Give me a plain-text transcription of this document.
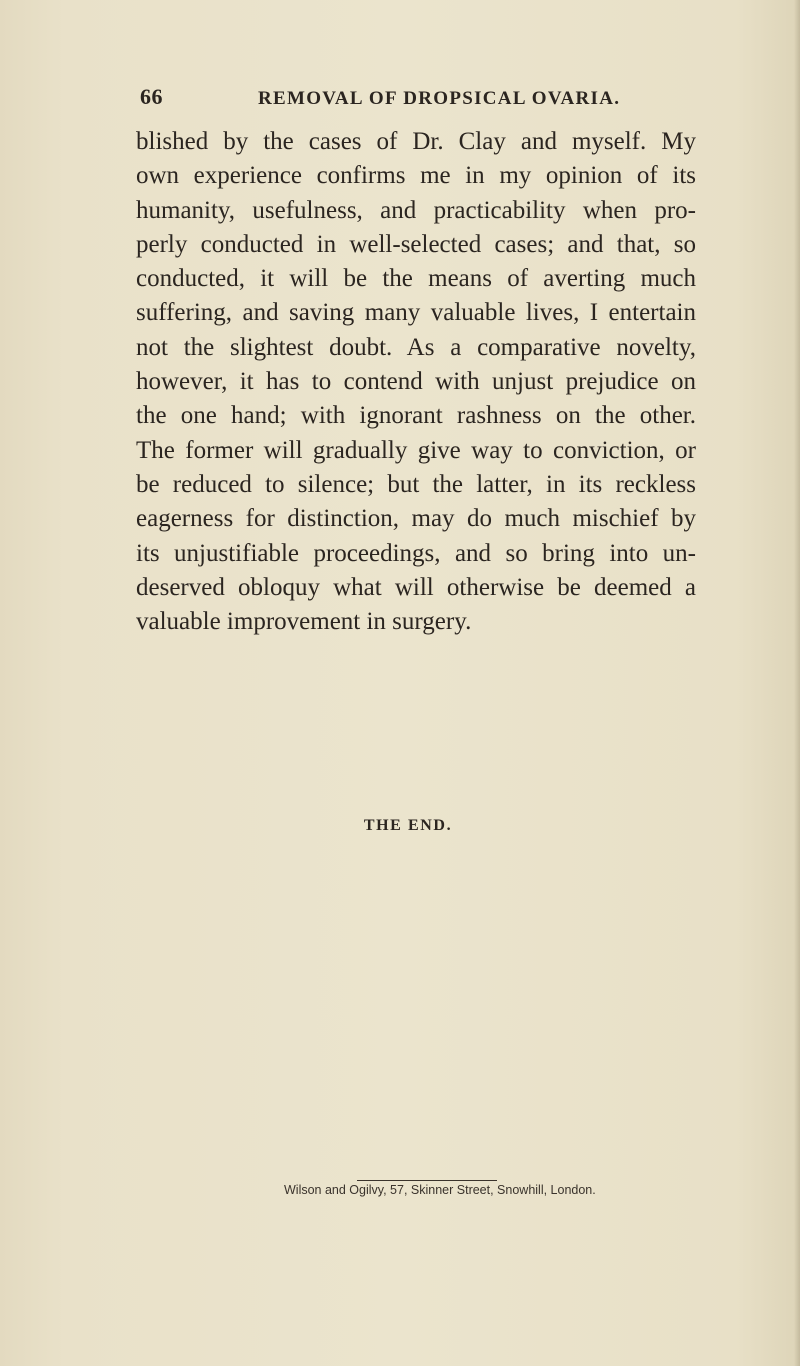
66	REMOVAL OF DROPSICAL OVARIA.
blished by the cases of Dr. Clay and myself. My
own experience confirms me in my opinion of its
humanity, usefulness, and practicability when pro-
perly conducted in well-selected cases; and that, so
conducted, it will be the means of averting much
suffering, and saving many valuable lives, I entertain
not the slightest doubt. As a comparative novelty,
however, it has to contend with unjust prejudice on
the one hand; with ignorant rashness on the other.
The former will gradually give way to conviction, or
be reduced to silence; but the latter, in its reckless
eagerness for distinction, may do much mischief by
its unjustifiable proceedings, and so bring into un-
deserved obloquy what will otherwise be deemed a
valuable improvement in surgery.
THE END.
Wilson and Ogilvy, 57, Skinner Street, Snowhill, London.
